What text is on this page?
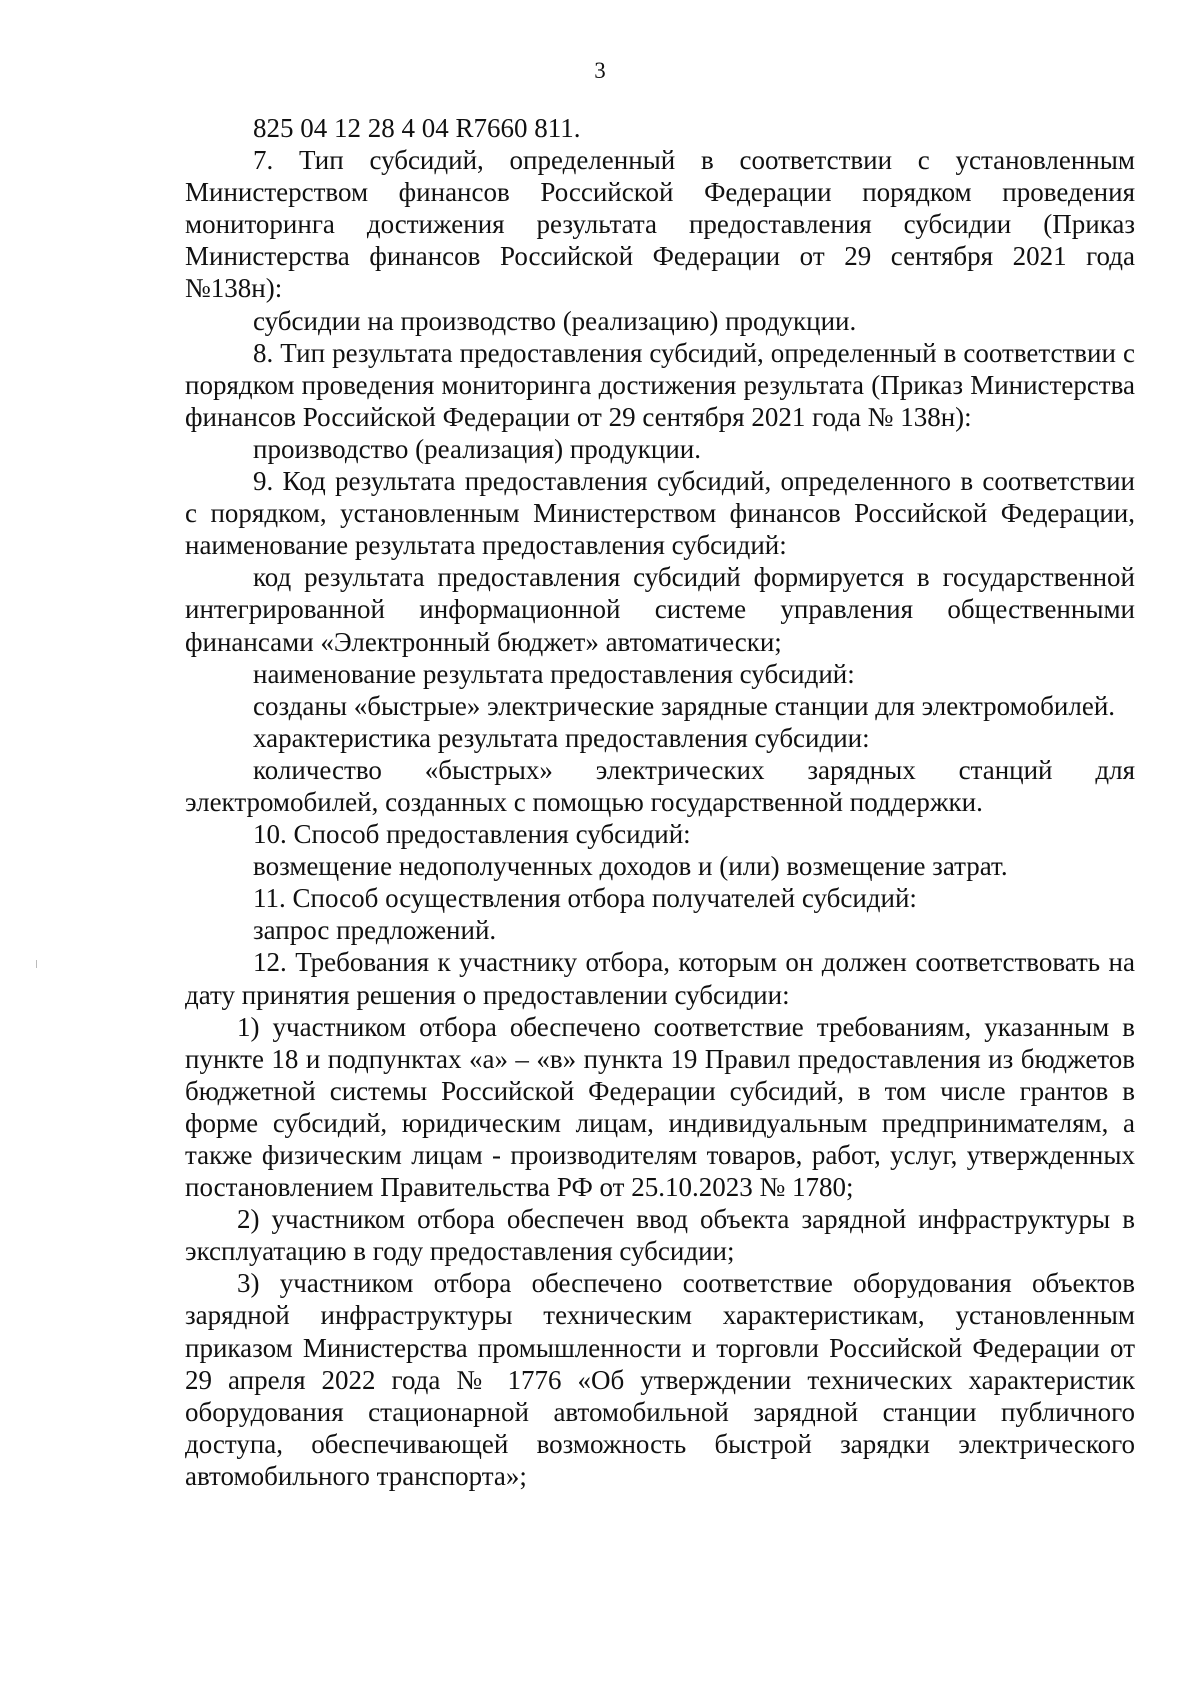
3

825 04 12 28 4 04 R7660 811.

7. Тип субсидий, определенный в соответствии с установленным Министерством финансов Российской Федерации порядком проведения мониторинга достижения результата предоставления субсидии (Приказ Министерства финансов Российской Федерации от 29 сентября 2021 года №138н):

субсидии на производство (реализацию) продукции.

8. Тип результата предоставления субсидий, определенный в соответствии с порядком проведения мониторинга достижения результата (Приказ Министерства финансов Российской Федерации от 29 сентября 2021 года № 138н):

производство (реализация) продукции.

9. Код результата предоставления субсидий, определенного в соответствии с порядком, установленным Министерством финансов Российской Федерации, наименование результата предоставления субсидий:

код результата предоставления субсидий формируется в государственной интегрированной информационной системе управления общественными финансами «Электронный бюджет» автоматически;

наименование результата предоставления субсидий:

созданы «быстрые» электрические зарядные станции для электромобилей.

характеристика результата предоставления субсидии:

количество «быстрых» электрических зарядных станций для электромобилей, созданных с помощью государственной поддержки.

10. Способ предоставления субсидий:

возмещение недополученных доходов и (или) возмещение затрат.

11. Способ осуществления отбора получателей субсидий:

запрос предложений.

12. Требования к участнику отбора, которым он должен соответствовать на дату принятия решения о предоставлении субсидии:

1) участником отбора обеспечено соответствие требованиям, указанным в пункте 18 и подпунктах «а» – «в» пункта 19 Правил предоставления из бюджетов бюджетной системы Российской Федерации субсидий, в том числе грантов в форме субсидий, юридическим лицам, индивидуальным предпринимателям, а также физическим лицам - производителям товаров, работ, услуг, утвержденных постановлением Правительства РФ от 25.10.2023 № 1780;

2) участником отбора обеспечен ввод объекта зарядной инфраструктуры в эксплуатацию в году предоставления субсидии;

3) участником отбора обеспечено соответствие оборудования объектов зарядной инфраструктуры техническим характеристикам, установленным приказом Министерства промышленности и торговли Российской Федерации от 29 апреля 2022 года № 1776 «Об утверждении технических характеристик оборудования стационарной автомобильной зарядной станции публичного доступа, обеспечивающей возможность быстрой зарядки электрического автомобильного транспорта»;
